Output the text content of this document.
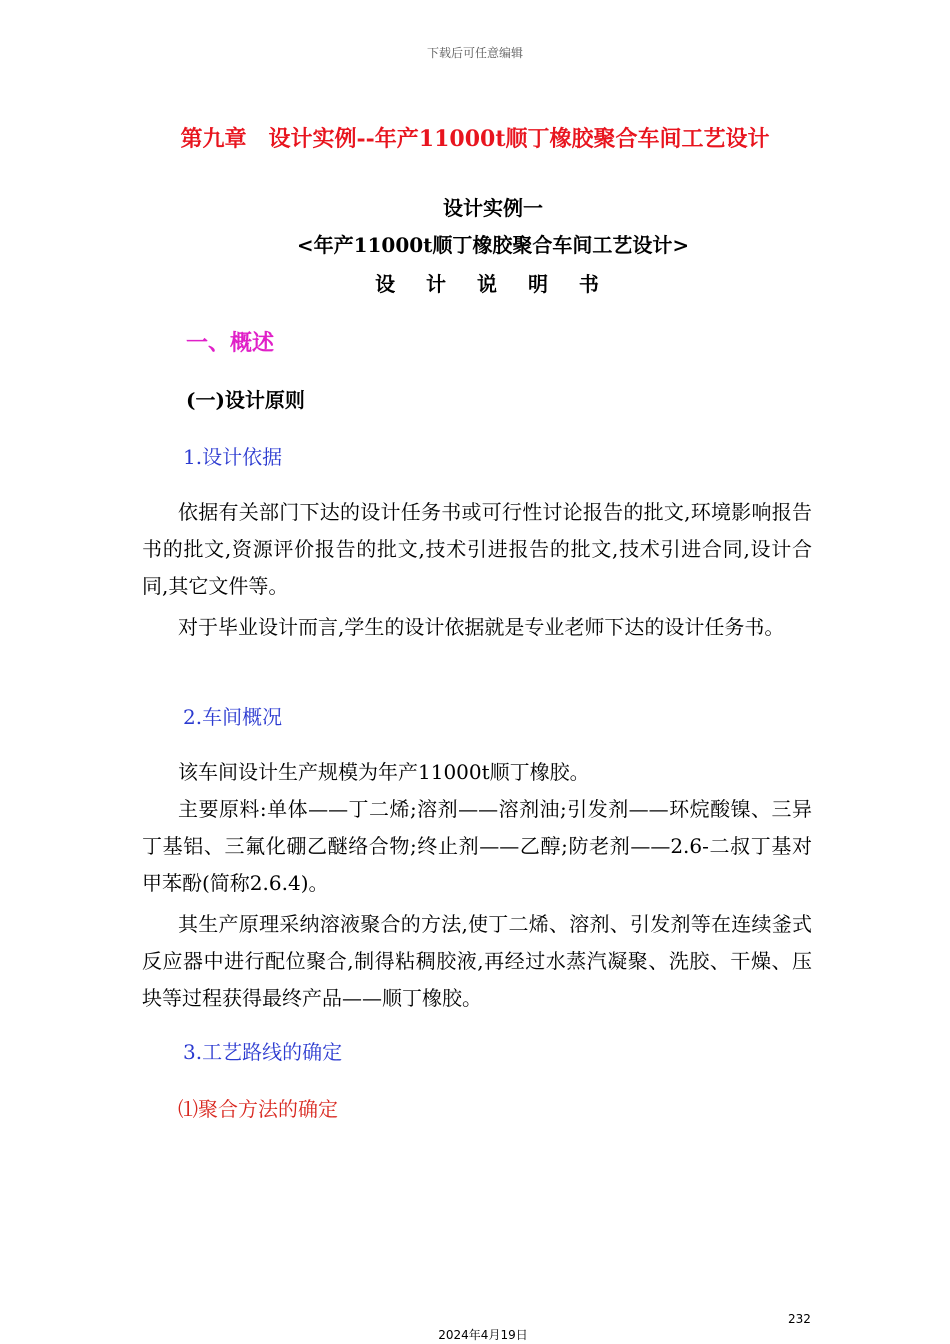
下载后可任意编辑
第九章　设计实例--年产11000t顺丁橡胶聚合车间工艺设计
设计实例一
<年产11000t顺丁橡胶聚合车间工艺设计>
设 计 说 明 书
一、概述
(一)设计原则
1.设计依据

依据有关部门下达的设计任务书或可行性讨论报告的批文,环境影响报告书的批文,资源评价报告的批文,技术引进报告的批文,技术引进合同,设计合同,其它文件等。

对于毕业设计而言,学生的设计依据就是专业老师下达的设计任务书。

2.车间概况

该车间设计生产规模为年产11000t顺丁橡胶。

主要原料:单体——丁二烯;溶剂——溶剂油;引发剂——环烷酸镍、三异丁基铝、三氟化硼乙醚络合物;终止剂——乙醇;防老剂——2.6-二叔丁基对甲苯酚(简称2.6.4)。

其生产原理采纳溶液聚合的方法,使丁二烯、溶剂、引发剂等在连续釜式反应器中进行配位聚合,制得粘稠胶液,再经过水蒸汽凝聚、洗胶、干燥、压块等过程获得最终产品——顺丁橡胶。

3.工艺路线的确定
⑴聚合方法的确定
232
2024年4月19日
